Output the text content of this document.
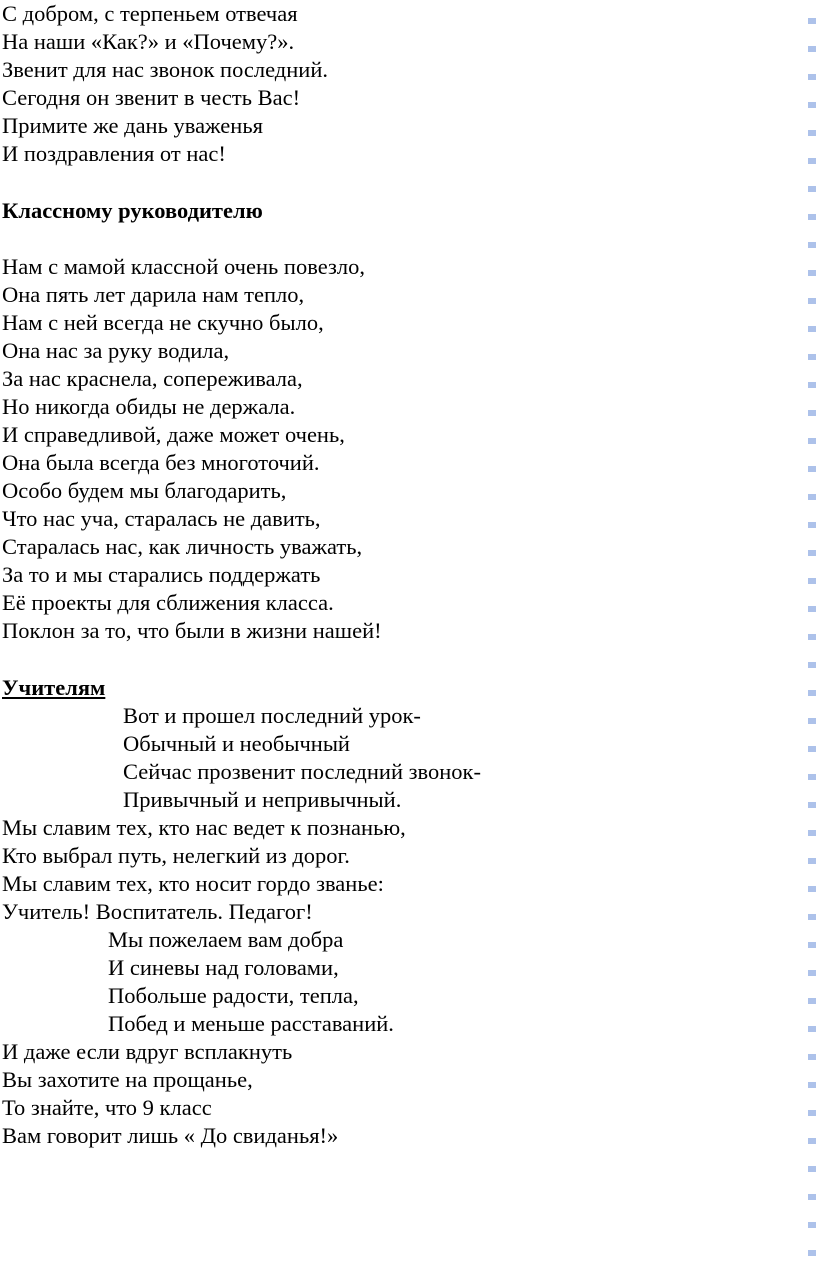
С добром, с терпеньем отвечая
На наши «Как?» и «Почему?».
Звенит для нас звонок последний.
Сегодня он звенит в честь Вас!
Примите же дань уваженья
И поздравления от нас!
Классному руководителю
Нам с мамой классной очень повезло,
Она пять лет дарила нам тепло,
Нам с ней всегда не скучно было,
Она нас за руку водила,
За нас краснела, сопереживала,
Но никогда обиды не держала.
И справедливой, даже может очень,
Она была всегда без многоточий.
Особо будем мы благодарить,
Что нас уча, старалась не давить,
Старалась нас, как личность уважать,
За то и мы старались поддержать
Её проекты для сближения класса.
Поклон за то, что были в жизни нашей!
Учителям
Вот и прошел последний урок-
Обычный и необычный
Сейчас прозвенит последний звонок-
Привычный и непривычный.
Мы славим тех, кто нас ведет к познанью,
Кто выбрал путь, нелегкий из дорог.
Мы славим тех, кто носит гордо званье:
Учитель! Воспитатель. Педагог!
Мы пожелаем вам добра
И синевы над головами,
Побольше радости, тепла,
Побед и меньше расставаний.
И даже если вдруг всплакнуть
Вы захотите на прощанье,
То знайте, что 9 класс
Вам говорит лишь « До свиданья!»
